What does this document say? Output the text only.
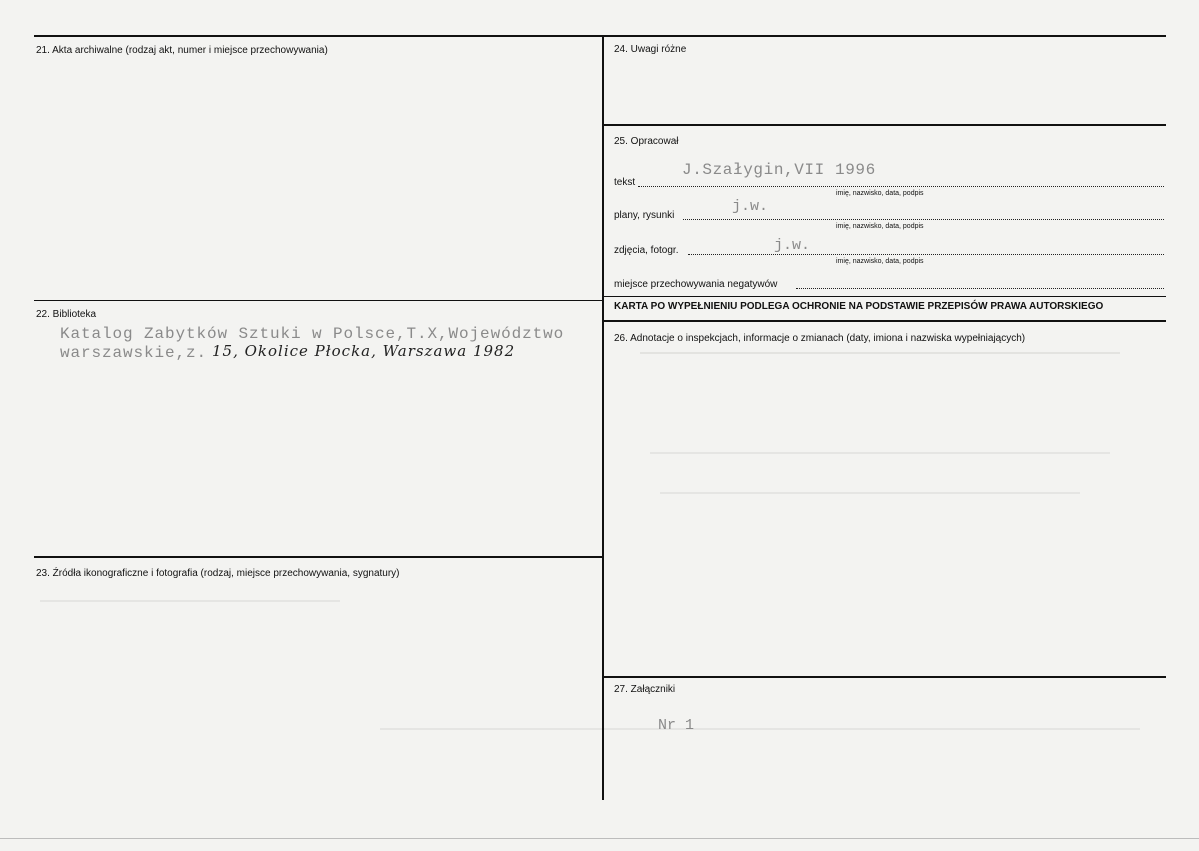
21. Akta archiwalne (rodzaj akt, numer i miejsce przechowywania)
22. Biblioteka
Katalog Zabytków Sztuki w Polsce,T.X,Województwo
warszawskie,z. 15, Okolice Płocka, Warszawa 1982
23. Źródła ikonograficzne i fotografia (rodzaj, miejsce przechowywania, sygnatury)
24. Uwagi różne
25. Opracował
tekst
J.Szałygin,VII 1996
imię, nazwisko, data, podpis
plany, rysunki
j.w.
imię, nazwisko, data, podpis
zdjęcia, fotogr.	j.w.
imię, nazwisko, data, podpis
miejsce przechowywania negatywów
KARTA PO WYPEŁNIENIU PODLEGA OCHRONIE NA PODSTAWIE PRZEPISÓW PRAWA AUTORSKIEGO
26. Adnotacje o inspekcjach, informacje o zmianach (daty, imiona i nazwiska wypełniających)
27. Załączniki
Nr 1
